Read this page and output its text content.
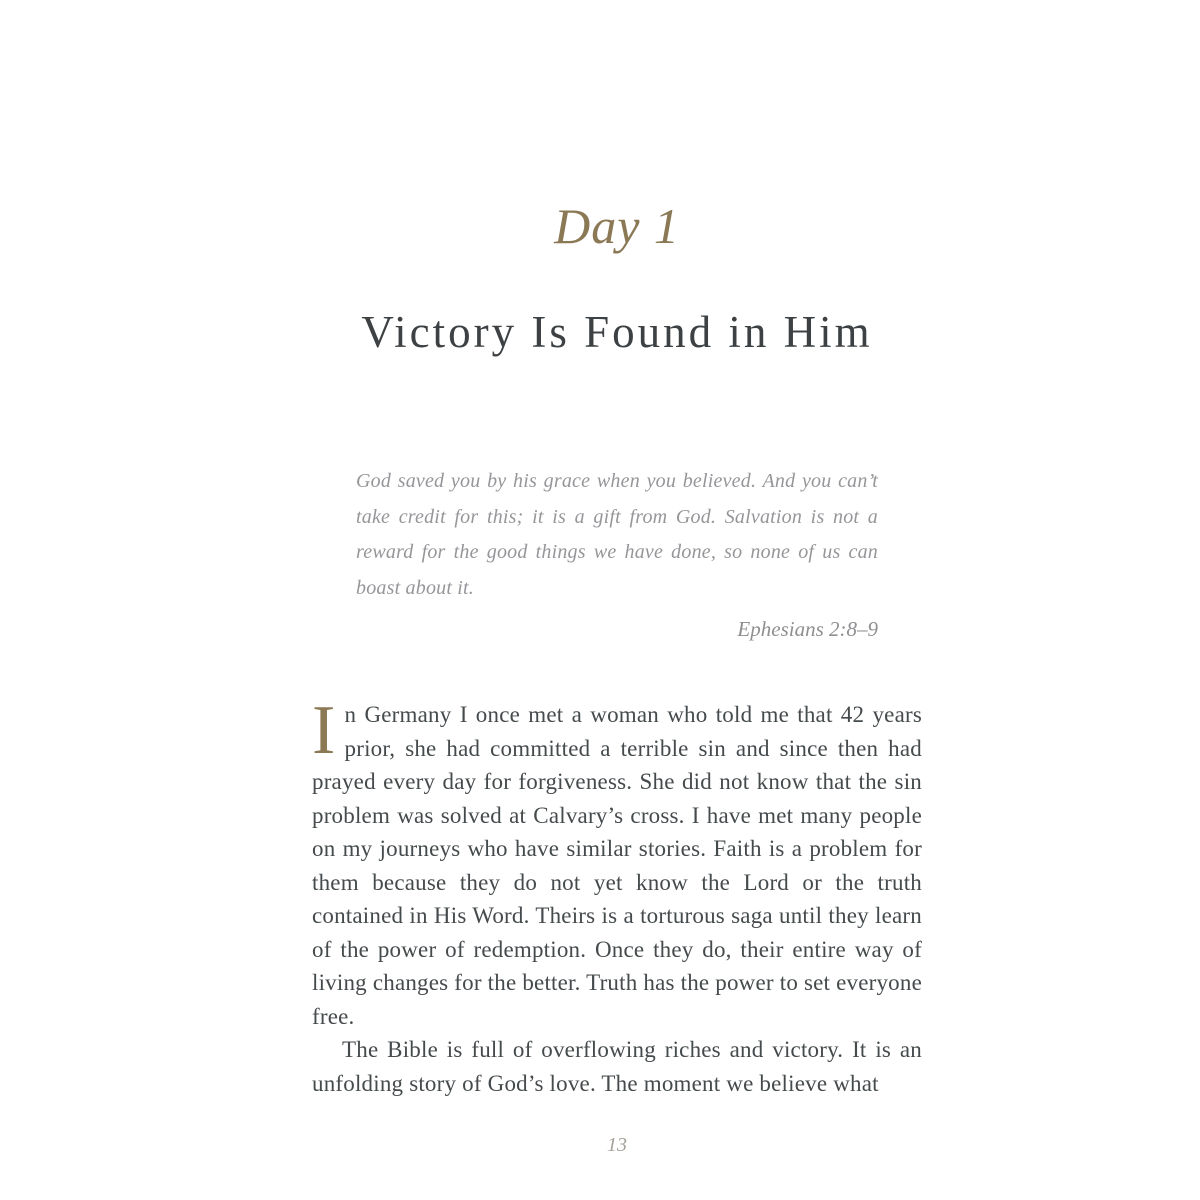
Day 1
Victory Is Found in Him
God saved you by his grace when you believed. And you can’t take credit for this; it is a gift from God. Salvation is not a reward for the good things we have done, so none of us can boast about it.
Ephesians 2:8–9

In Germany I once met a woman who told me that 42 years prior, she had committed a terrible sin and since then had prayed every day for forgiveness. She did not know that the sin problem was solved at Calvary’s cross. I have met many people on my journeys who have similar stories. Faith is a problem for them because they do not yet know the Lord or the truth contained in His Word. Theirs is a torturous saga until they learn of the power of redemption. Once they do, their entire way of living changes for the better. Truth has the power to set everyone free.

The Bible is full of overflowing riches and victory. It is an unfolding story of God’s love. The moment we believe what

13
